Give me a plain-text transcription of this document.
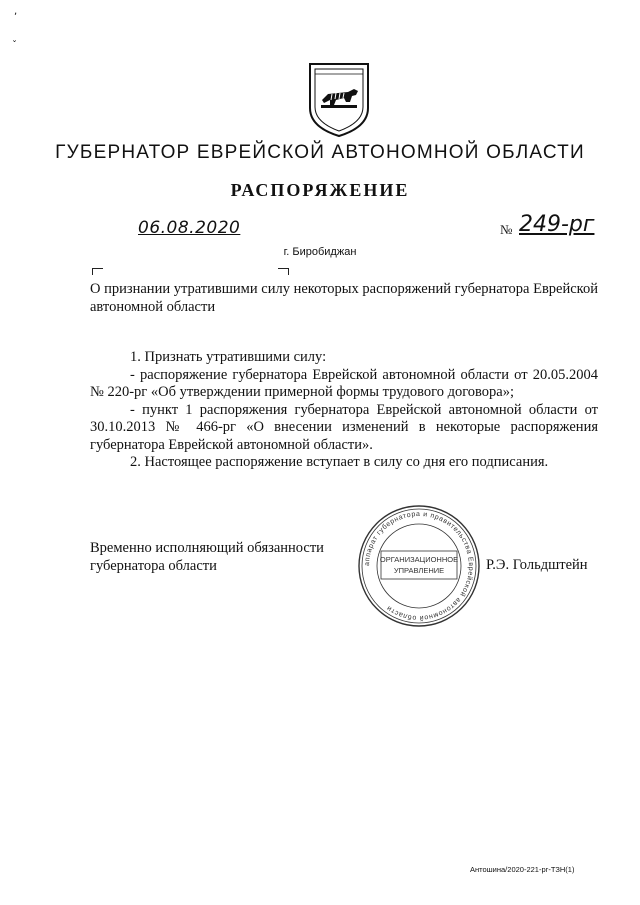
,
ˇ
ГУБЕРНАТОР ЕВРЕЙСКОЙ АВТОНОМНОЙ ОБЛАСТИ
РАСПОРЯЖЕНИЕ
06.08.2020	№ 249-рг
г. Биробиджан
О признании утратившими силу некоторых распоряжений губернатора Еврейской автономной области

1. Признать утратившими силу:

- распоряжение губернатора Еврейской автономной области от 20.05.2004 № 220-рг «Об утверждении примерной формы трудового договора»;

- пункт 1 распоряжения губернатора Еврейской автономной области от 30.10.2013 № 466-рг «О внесении изменений в некоторые распоряжения губернатора Еврейской автономной области».

2. Настоящее распоряжение вступает в силу со дня его подписания.

Временно исполняющий обязанности
губернатора области	аппарат губернатора и правительства Еврейской автономной области
ОРГАНИЗАЦИОННОЕ
УПРАВЛЕНИЕ	Р.Э. Гольдштейн
Антошина/2020-221-рг-ТЗН(1)
